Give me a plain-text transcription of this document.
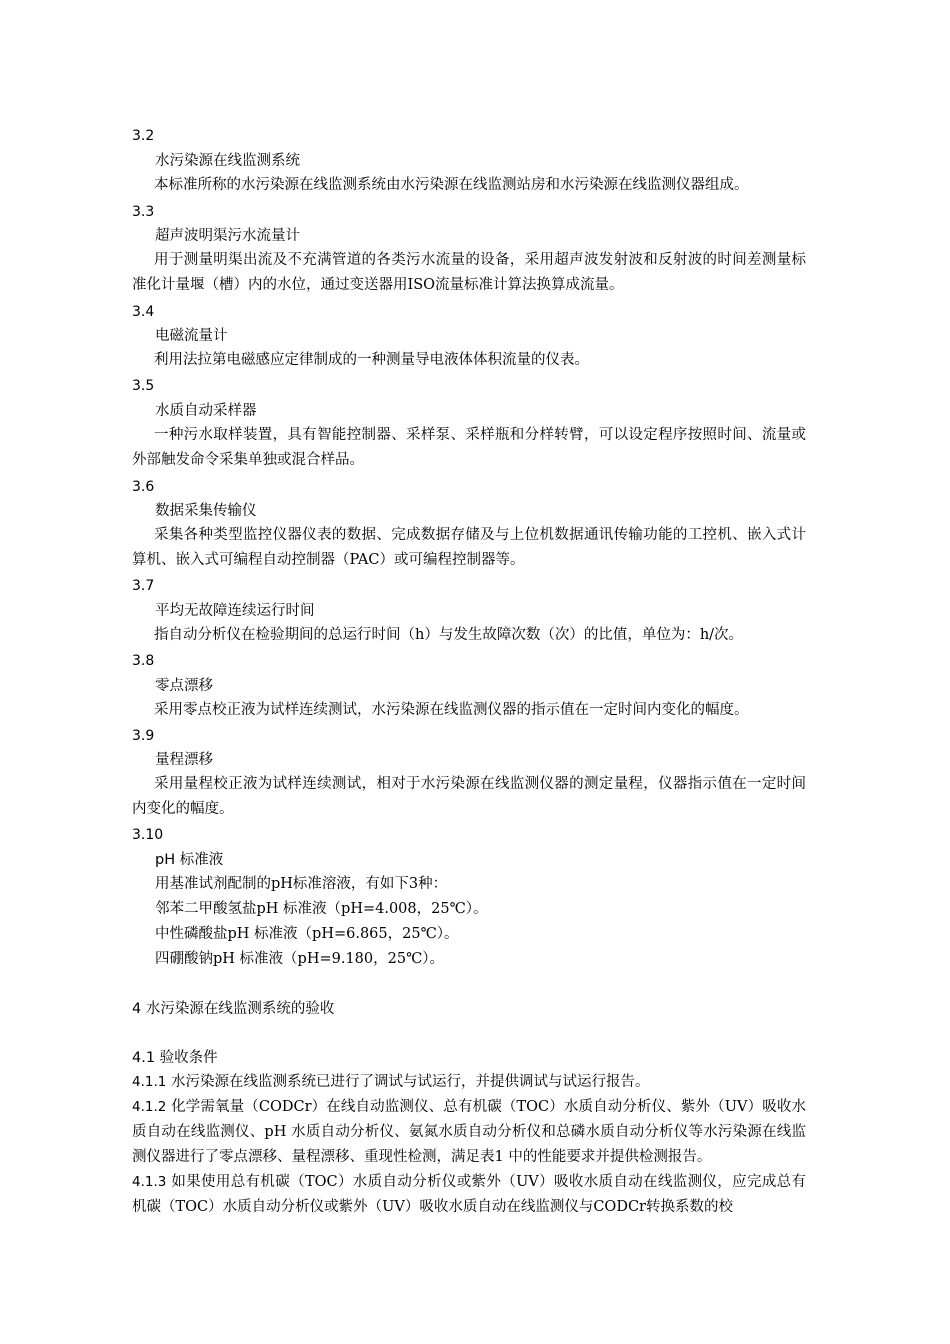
3.2
水污染源在线监测系统
本标准所称的水污染源在线监测系统由水污染源在线监测站房和水污染源在线监测仪器组成。
3.3
超声波明渠污水流量计
用于测量明渠出流及不充满管道的各类污水流量的设备，采用超声波发射波和反射波的时间差测量标准化计量堰（槽）内的水位，通过变送器用ISO流量标准计算法换算成流量。
3.4
电磁流量计
利用法拉第电磁感应定律制成的一种测量导电液体体积流量的仪表。
3.5
水质自动采样器
一种污水取样装置，具有智能控制器、采样泵、采样瓶和分样转臂，可以设定程序按照时间、流量或外部触发命令采集单独或混合样品。
3.6
数据采集传输仪
采集各种类型监控仪器仪表的数据、完成数据存储及与上位机数据通讯传输功能的工控机、嵌入式计算机、嵌入式可编程自动控制器（PAC）或可编程控制器等。
3.7
平均无故障连续运行时间
指自动分析仪在检验期间的总运行时间（h）与发生故障次数（次）的比值，单位为：h/次。
3.8
零点漂移
采用零点校正液为试样连续测试，水污染源在线监测仪器的指示值在一定时间内变化的幅度。
3.9
量程漂移
采用量程校正液为试样连续测试，相对于水污染源在线监测仪器的测定量程，仪器指示值在一定时间内变化的幅度。
3.10
pH 标准液
用基准试剂配制的pH标准溶液，有如下3种：
邻苯二甲酸氢盐pH 标准液（pH=4.008，25℃）。
中性磷酸盐pH 标准液（pH=6.865，25℃）。
四硼酸钠pH 标准液（pH=9.180，25℃）。
4 水污染源在线监测系统的验收
4.1 验收条件
4.1.1 水污染源在线监测系统已进行了调试与试运行，并提供调试与试运行报告。
4.1.2 化学需氧量（CODCr）在线自动监测仪、总有机碳（TOC）水质自动分析仪、紫外（UV）吸收水质自动在线监测仪、pH 水质自动分析仪、氨氮水质自动分析仪和总磷水质自动分析仪等水污染源在线监测仪器进行了零点漂移、量程漂移、重现性检测，满足表1 中的性能要求并提供检测报告。
4.1.3 如果使用总有机碳（TOC）水质自动分析仪或紫外（UV）吸收水质自动在线监测仪，应完成总有机碳（TOC）水质自动分析仪或紫外（UV）吸收水质自动在线监测仪与CODCr转换系数的校
